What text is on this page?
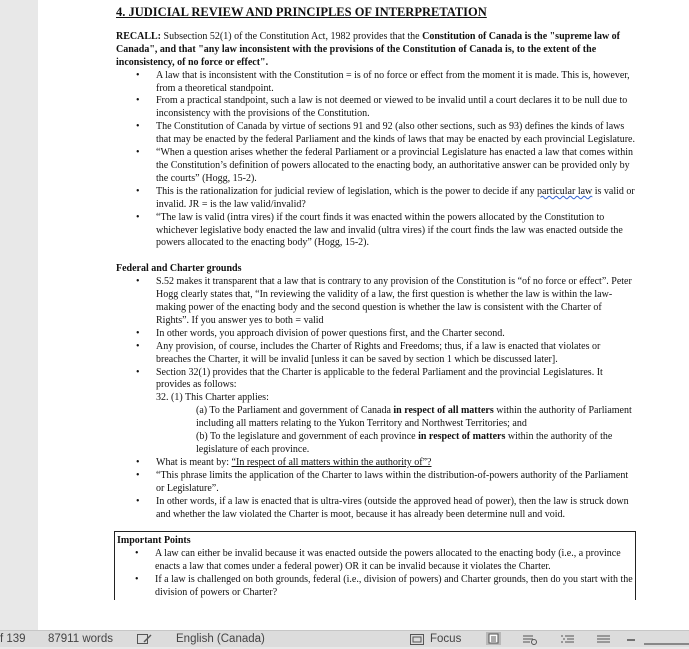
4. JUDICIAL REVIEW AND PRINCIPLES OF INTERPRETATION

RECALL: Subsection 52(1) of the Constitution Act, 1982 provides that the Constitution of Canada is the "supreme law of Canada", and that "any law inconsistent with the provisions of the Constitution of Canada is, to the extent of the inconsistency, of no force or effect".

• A law that is inconsistent with the Constitution = is of no force or effect from the moment it is made. This is, however, from a theoretical standpoint.
• From a practical standpoint, such a law is not deemed or viewed to be invalid until a court declares it to be null due to inconsistency with the provisions of the Constitution.
• The Constitution of Canada by virtue of sections 91 and 92 (also other sections, such as 93) defines the kinds of laws that may be enacted by the federal Parliament and the kinds of laws that may be enacted by each provincial Legislature.
• “When a question arises whether the federal Parliament or a provincial Legislature has enacted a law that comes within the Constitution’s definition of powers allocated to the enacting body, an authoritative answer can be provided only by the courts” (Hogg, 15-2).
• This is the rationalization for judicial review of legislation, which is the power to decide if any particular law is valid or invalid. JR = is the law valid/invalid?
• “The law is valid (intra vires) if the court finds it was enacted within the powers allocated by the Constitution to whichever legislative body enacted the law and invalid (ultra vires) if the court finds the law was enacted outside the powers allocated to the enacting body” (Hogg, 15-2).
Federal and Charter grounds
• S.52 makes it transparent that a law that is contrary to any provision of the Constitution is “of no force or effect”. Peter Hogg clearly states that, “In reviewing the validity of a law, the first question is whether the law is within the law-making power of the enacting body and the second question is whether the law is consistent with the Charter of Rights”. If you answer yes to both = valid
• In other words, you approach division of power questions first, and the Charter second.
• Any provision, of course, includes the Charter of Rights and Freedoms; thus, if a law is enacted that violates or breaches the Charter, it will be invalid [unless it can be saved by section 1 which be discussed later].
• Section 32(1) provides that the Charter is applicable to the federal Parliament and the provincial Legislatures. It provides as follows:

32. (1) This Charter applies:

(a) To the Parliament and government of Canada in respect of all matters within the authority of Parliament including all matters relating to the Yukon Territory and Northwest Territories; and

(b) To the legislature and government of each province in respect of matters within the authority of the legislature of each province.

• What is meant by: “In respect of all matters within the authority of”?
• “This phrase limits the application of the Charter to laws within the distribution-of-powers authority of the Parliament or Legislature”.
• In other words, if a law is enacted that is ultra-vires (outside the approved head of power), then the law is struck down and whether the law violated the Charter is moot, because it has already been determine null and void.
Important Points
• A law can either be invalid because it was enacted outside the powers allocated to the enacting body (i.e., a province enacts a law that comes under a federal power) OR it can be invalid because it violates the Charter.
• If a law is challenged on both grounds, federal (i.e., division of powers) and Charter grounds, then do you start with the division of powers or Charter?
f 139 87911 words	English (Canada)	Focus
